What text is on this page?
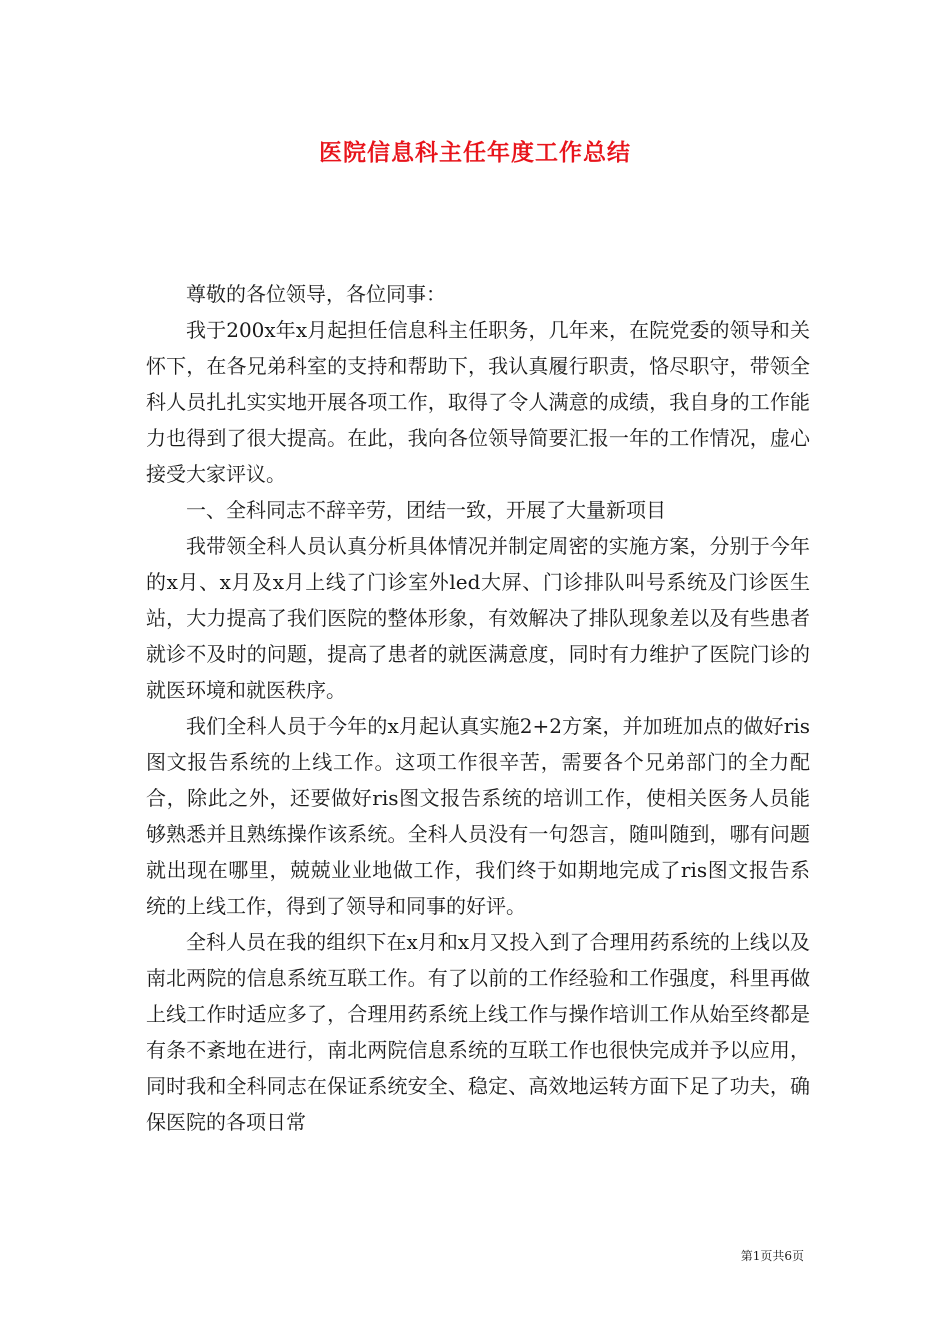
医院信息科主任年度工作总结

尊敬的各位领导，各位同事：

我于200x年x月起担任信息科主任职务，几年来，在院党委的领导和关怀下，在各兄弟科室的支持和帮助下，我认真履行职责，恪尽职守，带领全科人员扎扎实实地开展各项工作，取得了令人满意的成绩，我自身的工作能力也得到了很大提高。在此，我向各位领导简要汇报一年的工作情况，虚心接受大家评议。

一、全科同志不辞辛劳，团结一致，开展了大量新项目

我带领全科人员认真分析具体情况并制定周密的实施方案，分别于今年的x月、x月及x月上线了门诊室外led大屏、门诊排队叫号系统及门诊医生站，大力提高了我们医院的整体形象，有效解决了排队现象差以及有些患者就诊不及时的问题，提高了患者的就医满意度，同时有力维护了医院门诊的就医环境和就医秩序。

我们全科人员于今年的x月起认真实施2+2方案，并加班加点的做好ris图文报告系统的上线工作。这项工作很辛苦，需要各个兄弟部门的全力配合，除此之外，还要做好ris图文报告系统的培训工作，使相关医务人员能够熟悉并且熟练操作该系统。全科人员没有一句怨言，随叫随到，哪有问题就出现在哪里，兢兢业业地做工作，我们终于如期地完成了ris图文报告系统的上线工作，得到了领导和同事的好评。

全科人员在我的组织下在x月和x月又投入到了合理用药系统的上线以及南北两院的信息系统互联工作。有了以前的工作经验和工作强度，科里再做上线工作时适应多了，合理用药系统上线工作与操作培训工作从始至终都是有条不紊地在进行，南北两院信息系统的互联工作也很快完成并予以应用，同时我和全科同志在保证系统安全、稳定、高效地运转方面下足了功夫，确保医院的各项日常

第1页共6页
